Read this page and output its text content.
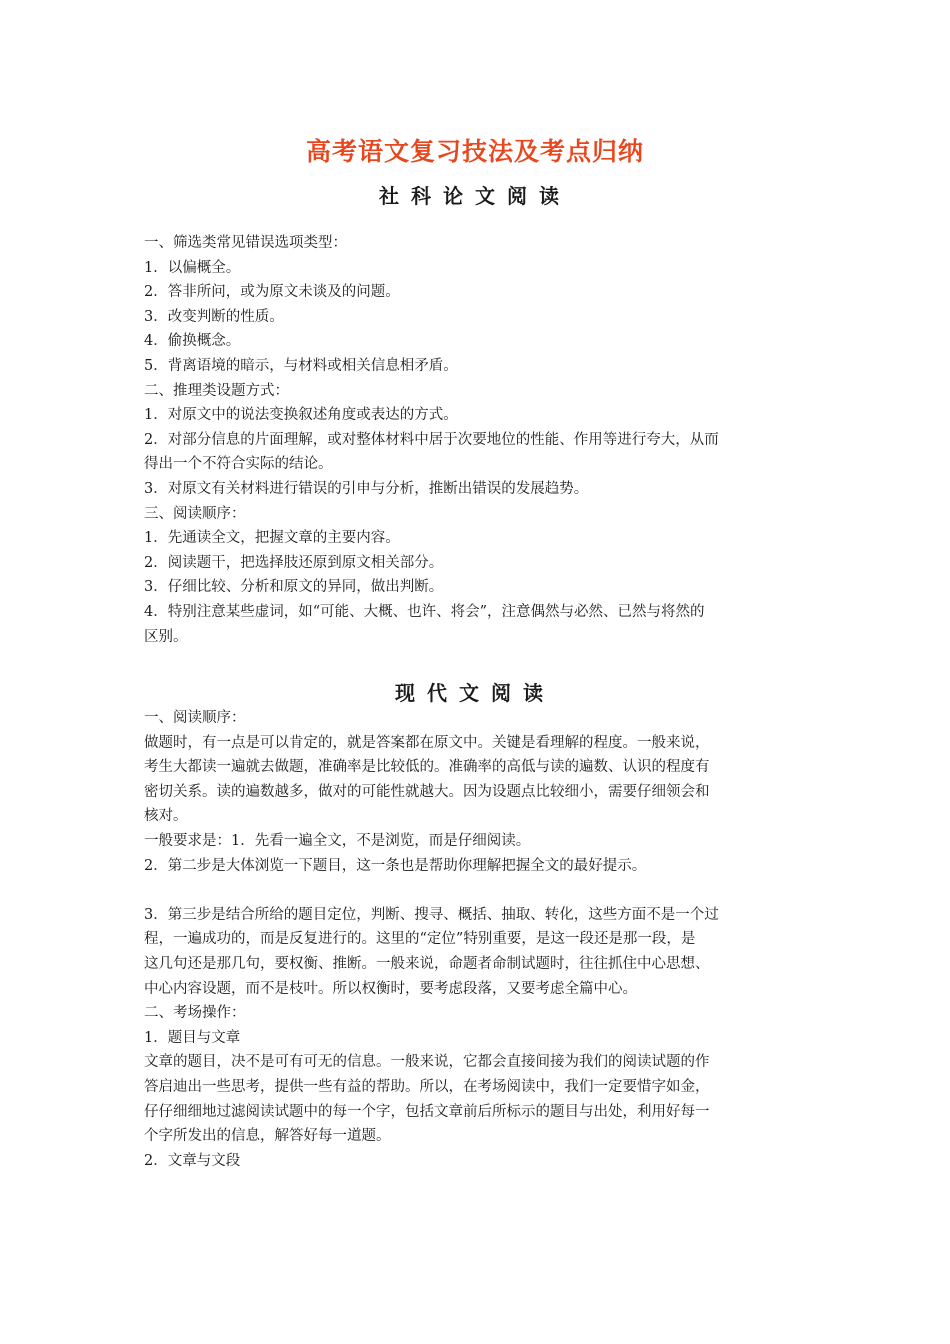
高考语文复习技法及考点归纳
社科论文阅读
一、筛选类常见错误选项类型：
1．以偏概全。
2．答非所问，或为原文未谈及的问题。
3．改变判断的性质。
4．偷换概念。
5．背离语境的暗示，与材料或相关信息相矛盾。
二、推理类设题方式：
1．对原文中的说法变换叙述角度或表达的方式。
2．对部分信息的片面理解，或对整体材料中居于次要地位的性能、作用等进行夸大，从而
得出一个不符合实际的结论。
3．对原文有关材料进行错误的引申与分析，推断出错误的发展趋势。
三、阅读顺序：
1．先通读全文，把握文章的主要内容。
2．阅读题干，把选择肢还原到原文相关部分。
3．仔细比较、分析和原文的异同，做出判断。
4．特别注意某些虚词，如“可能、大概、也许、将会”，注意偶然与必然、已然与将然的
区别。
现代文阅读
一、阅读顺序：
做题时，有一点是可以肯定的，就是答案都在原文中。关键是看理解的程度。一般来说，
考生大都读一遍就去做题，准确率是比较低的。准确率的高低与读的遍数、认识的程度有
密切关系。读的遍数越多，做对的可能性就越大。因为设题点比较细小，需要仔细领会和
核对。
一般要求是：1．先看一遍全文，不是浏览，而是仔细阅读。
2．第二步是大体浏览一下题目，这一条也是帮助你理解把握全文的最好提示。
3．第三步是结合所给的题目定位，判断、搜寻、概括、抽取、转化，这些方面不是一个过
程，一遍成功的，而是反复进行的。这里的“定位”特别重要，是这一段还是那一段，是
这几句还是那几句，要权衡、推断。一般来说，命题者命制试题时，往往抓住中心思想、
中心内容设题，而不是枝叶。所以权衡时，要考虑段落，又要考虑全篇中心。
二、考场操作：
1．题目与文章
文章的题目，决不是可有可无的信息。一般来说，它都会直接间接为我们的阅读试题的作
答启迪出一些思考，提供一些有益的帮助。所以，在考场阅读中，我们一定要惜字如金，
仔仔细细地过滤阅读试题中的每一个字，包括文章前后所标示的题目与出处，利用好每一
个字所发出的信息，解答好每一道题。
2．文章与文段
